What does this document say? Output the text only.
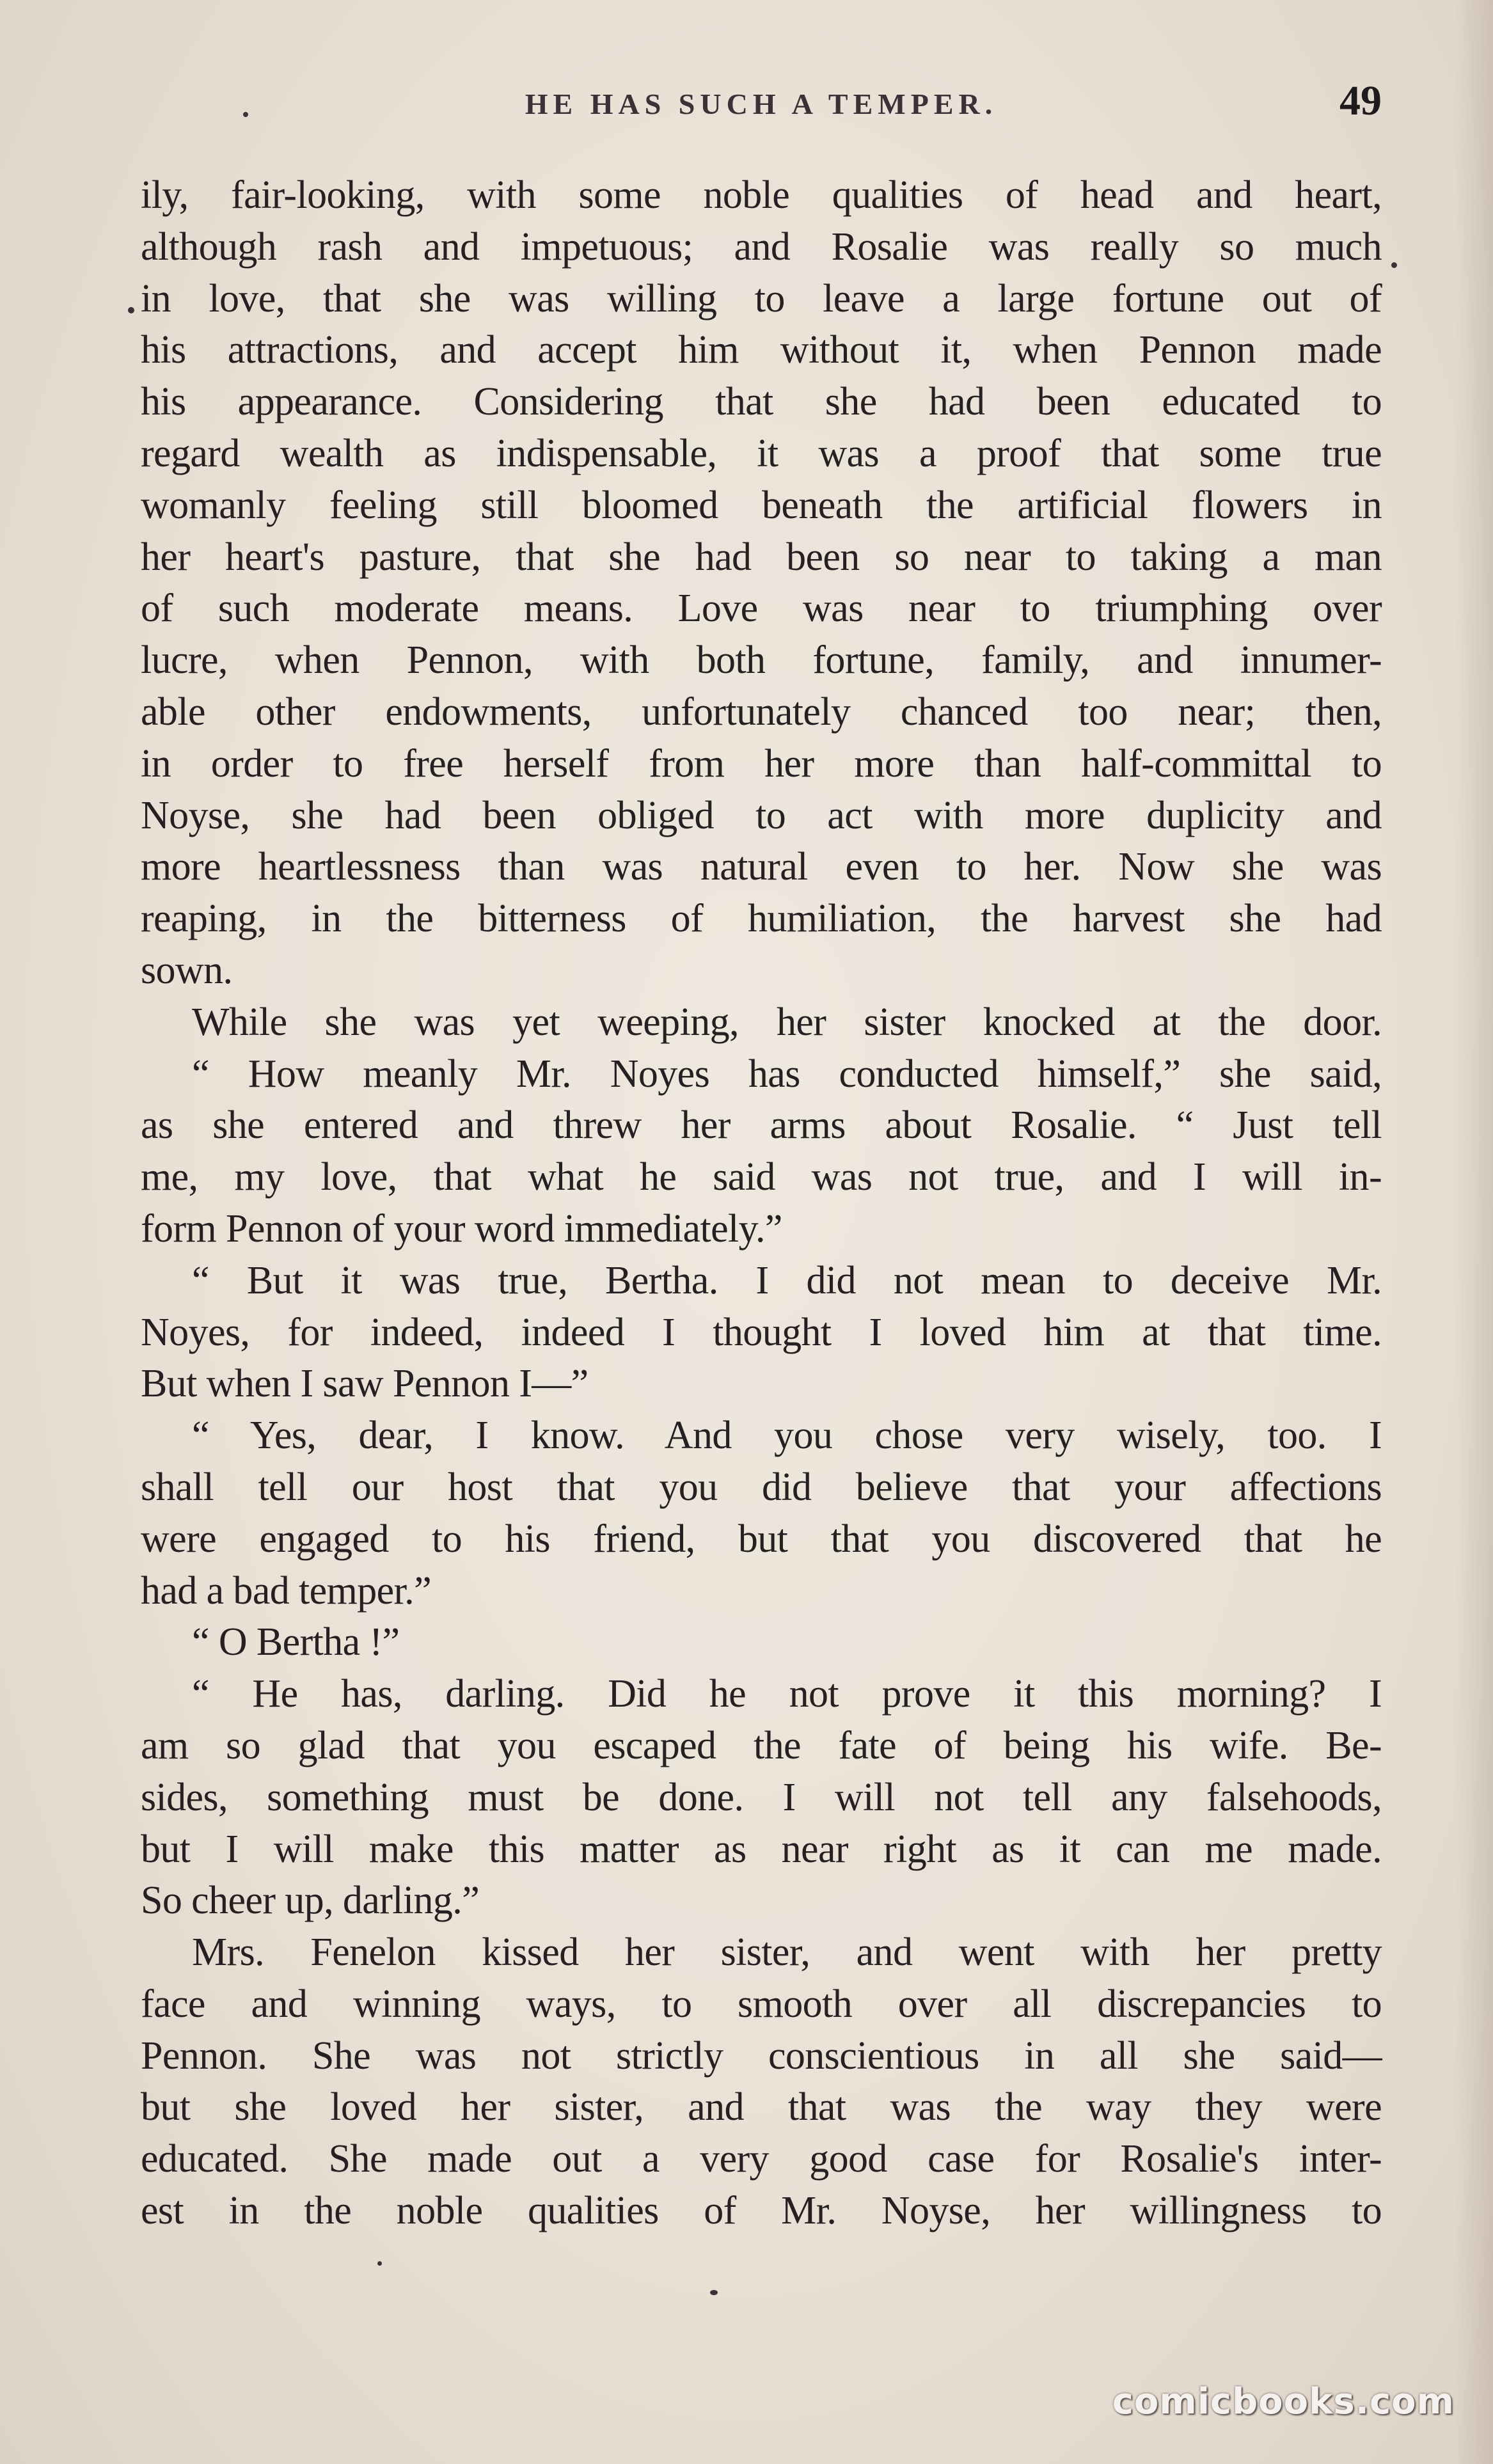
HE HAS SUCH A TEMPER.	49
ily, fair-looking, with some noble qualities of head and heart,
although rash and impetuous; and Rosalie was really so much
in love, that she was willing to leave a large fortune out of
his attractions, and accept him without it, when Pennon made
his appearance. Considering that she had been educated to
regard wealth as indispensable, it was a proof that some true
womanly feeling still bloomed beneath the artificial flowers in
her heart's pasture, that she had been so near to taking a man
of such moderate means. Love was near to triumphing over
lucre, when Pennon, with both fortune, family, and innumer-
able other endowments, unfortunately chanced too near; then,
in order to free herself from her more than half-committal to
Noyse, she had been obliged to act with more duplicity and
more heartlessness than was natural even to her. Now she was
reaping, in the bitterness of humiliation, the harvest she had
sown.
While she was yet weeping, her sister knocked at the door.
“ How meanly Mr. Noyes has conducted himself,” she said,
as she entered and threw her arms about Rosalie. “ Just tell
me, my love, that what he said was not true, and I will in-
form Pennon of your word immediately.”
“ But it was true, Bertha. I did not mean to deceive Mr.
Noyes, for indeed, indeed I thought I loved him at that time.
But when I saw Pennon I—”
“ Yes, dear, I know. And you chose very wisely, too. I
shall tell our host that you did believe that your affections
were engaged to his friend, but that you discovered that he
had a bad temper.”
“ O Bertha !”
“ He has, darling. Did he not prove it this morning? I
am so glad that you escaped the fate of being his wife. Be-
sides, something must be done. I will not tell any falsehoods,
but I will make this matter as near right as it can me made.
So cheer up, darling.”
Mrs. Fenelon kissed her sister, and went with her pretty
face and winning ways, to smooth over all discrepancies to
Pennon. She was not strictly conscientious in all she said—
but she loved her sister, and that was the way they were
educated. She made out a very good case for Rosalie's inter-
est in the noble qualities of Mr. Noyse, her willingness to
comicbooks.com
